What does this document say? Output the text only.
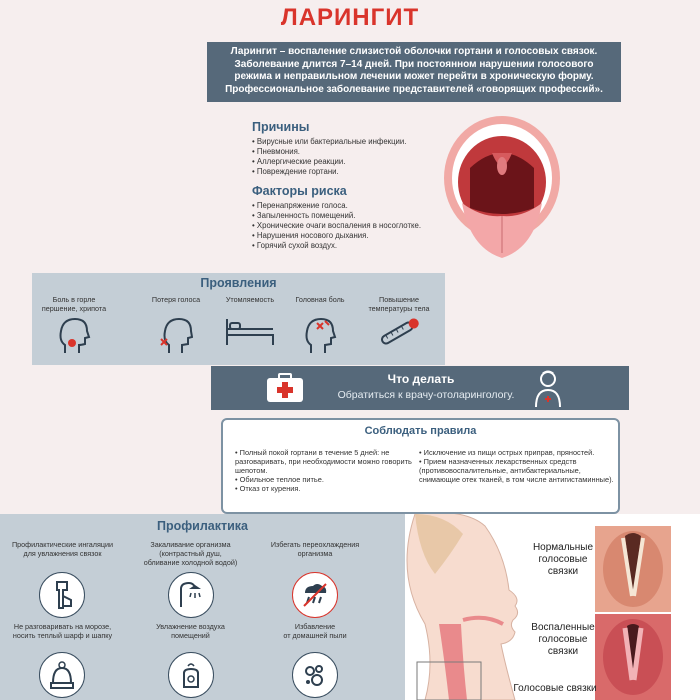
ЛАРИНГИТ
Ларингит – воспаление слизистой оболочки гортани и голосовых связок. Заболевание длится 7–14 дней. При постоянном нарушении голосового режима и неправильном лечении может перейти в хроническую форму. Профессиональное заболевание представителей «говорящих профессий».
Причины
• Вирусные или бактериальные инфекции.
• Пневмония.
• Аллергические реакции.
• Повреждение гортани.
Факторы риска
• Перенапряжение голоса.
• Запыленность помещений.
• Хронические очаги воспаления в носоглотке.
• Нарушения носового дыхания.
• Горячий сухой воздух.
Проявления
Боль в горле
першение, хрипота
Потеря голоса	Утомляемость	Головная боль	Повышение
температуры тела
Что делать
Обратиться к врачу-отоларингологу.
Соблюдать правила
• Полный покой гортани в течение 5 дней: не разговаривать, при необходимости можно говорить шепотом.
• Обильное теплое питье.
• Отказ от курения.
• Исключение из пищи острых приправ, пряностей.
• Прием назначенных лекарственных средств (противовоспалительные, антибактериальные, снимающие отек тканей, в том числе антигистаминные).
Профилактика
Профилактические ингаляции
для увлажнения связок
Закаливание организма
(контрастный душ,
обливание холодной водой)
Избегать переохлаждения
организма
Не разговаривать на морозе,
носить теплый шарф и шапку
Увлажнение воздуха
помещений
Избавление
от домашней пыли
Нормальные
голосовые
связки
Воспаленные
голосовые
связки
Голосовые связки
